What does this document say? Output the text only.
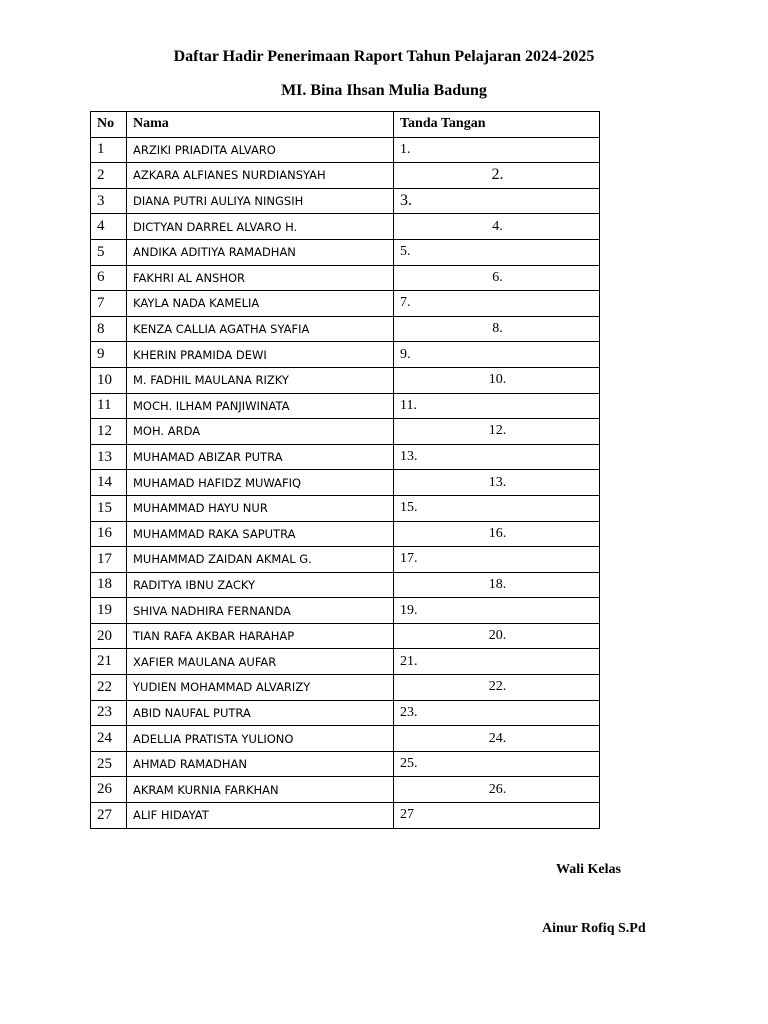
Daftar Hadir Penerimaan Raport Tahun Pelajaran 2024-2025
MI. Bina Ihsan Mulia Badung
No	Nama	Tanda Tangan
1	ARZIKI PRIADITA ALVARO	1.
2	AZKARA ALFIANES NURDIANSYAH	2.
3	DIANA PUTRI AULIYA NINGSIH	3.
4	DICTYAN DARREL ALVARO H.	4.
5	ANDIKA ADITIYA RAMADHAN	5.
6	FAKHRI AL ANSHOR	6.
7	KAYLA NADA KAMELIA	7.
8	KENZA CALLIA AGATHA SYAFIA	8.
9	KHERIN PRAMIDA DEWI	9.
10	M. FADHIL MAULANA RIZKY	10.
11	MOCH. ILHAM PANJIWINATA	11.
12	MOH. ARDA	12.
13	MUHAMAD ABIZAR PUTRA	13.
14	MUHAMAD HAFIDZ MUWAFIQ	13.
15	MUHAMMAD HAYU NUR	15.
16	MUHAMMAD RAKA SAPUTRA	16.
17	MUHAMMAD ZAIDAN AKMAL G.	17.
18	RADITYA IBNU ZACKY	18.
19	SHIVA NADHIRA FERNANDA	19.
20	TIAN RAFA AKBAR HARAHAP	20.
21	XAFIER MAULANA AUFAR	21.
22	YUDIEN MOHAMMAD ALVARIZY	22.
23	ABID NAUFAL PUTRA	23.
24	ADELLIA PRATISTA YULIONO	24.
25	AHMAD RAMADHAN	25.
26	AKRAM KURNIA FARKHAN	26.
27	ALIF HIDAYAT	27
Wali Kelas
Ainur Rofiq S.Pd
